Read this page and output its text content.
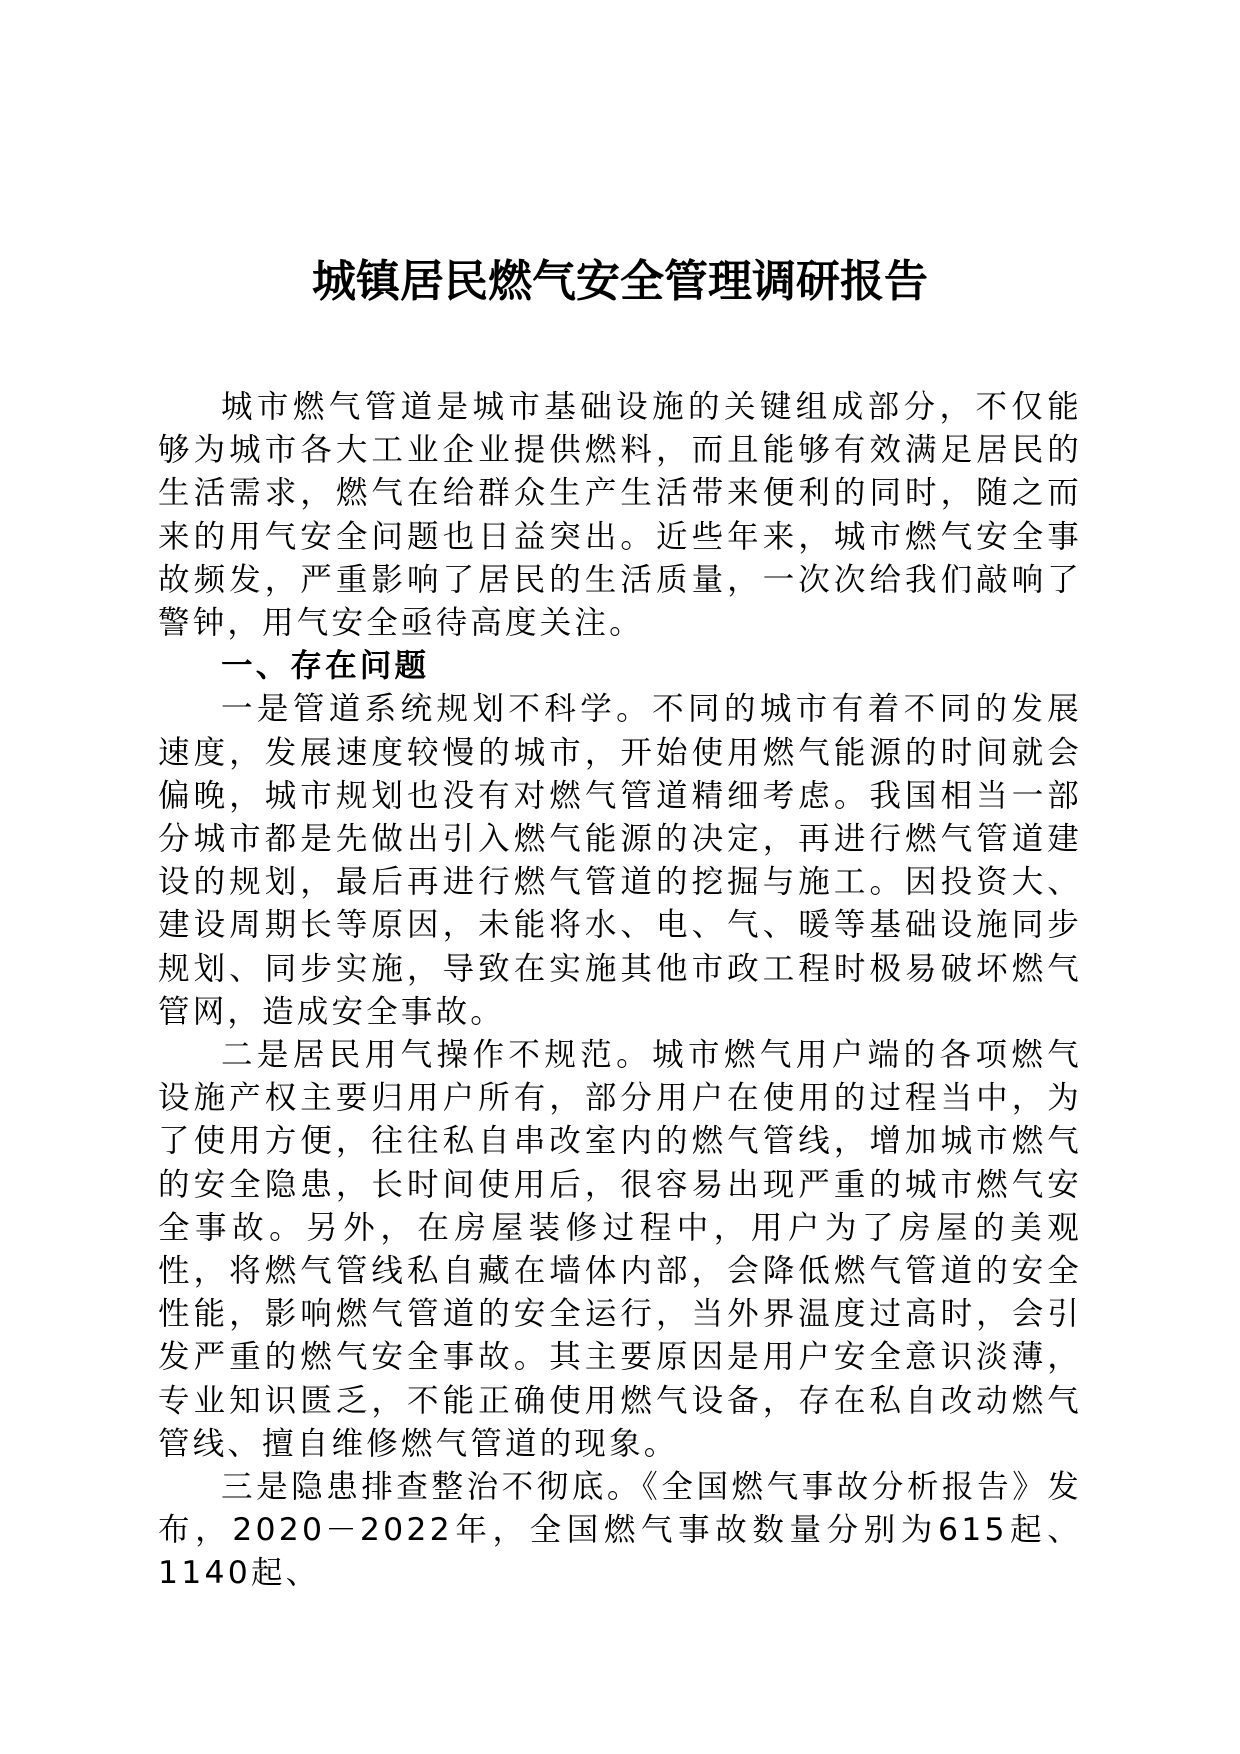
城镇居民燃气安全管理调研报告

城市燃气管道是城市基础设施的关键组成部分，不仅能够为城市各大工业企业提供燃料，而且能够有效满足居民的生活需求，燃气在给群众生产生活带来便利的同时，随之而来的用气安全问题也日益突出。近些年来，城市燃气安全事故频发，严重影响了居民的生活质量，一次次给我们敲响了警钟，用气安全亟待高度关注。

一、存在问题

一是管道系统规划不科学。不同的城市有着不同的发展速度，发展速度较慢的城市，开始使用燃气能源的时间就会偏晚，城市规划也没有对燃气管道精细考虑。我国相当一部分城市都是先做出引入燃气能源的决定，再进行燃气管道建设的规划，最后再进行燃气管道的挖掘与施工。因投资大、建设周期长等原因，未能将水、电、气、暖等基础设施同步规划、同步实施，导致在实施其他市政工程时极易破坏燃气管网，造成安全事故。

二是居民用气操作不规范。城市燃气用户端的各项燃气设施产权主要归用户所有，部分用户在使用的过程当中，为了使用方便，往往私自串改室内的燃气管线，增加城市燃气的安全隐患，长时间使用后，很容易出现严重的城市燃气安全事故。另外，在房屋装修过程中，用户为了房屋的美观性，将燃气管线私自藏在墙体内部，会降低燃气管道的安全性能，影响燃气管道的安全运行，当外界温度过高时，会引发严重的燃气安全事故。其主要原因是用户安全意识淡薄，专业知识匮乏，不能正确使用燃气设备，存在私自改动燃气管线、擅自维修燃气管道的现象。

三是隐患排查整治不彻底。《全国燃气事故分析报告》发布，2020－2022年，全国燃气事故数量分别为615起、1140起、
